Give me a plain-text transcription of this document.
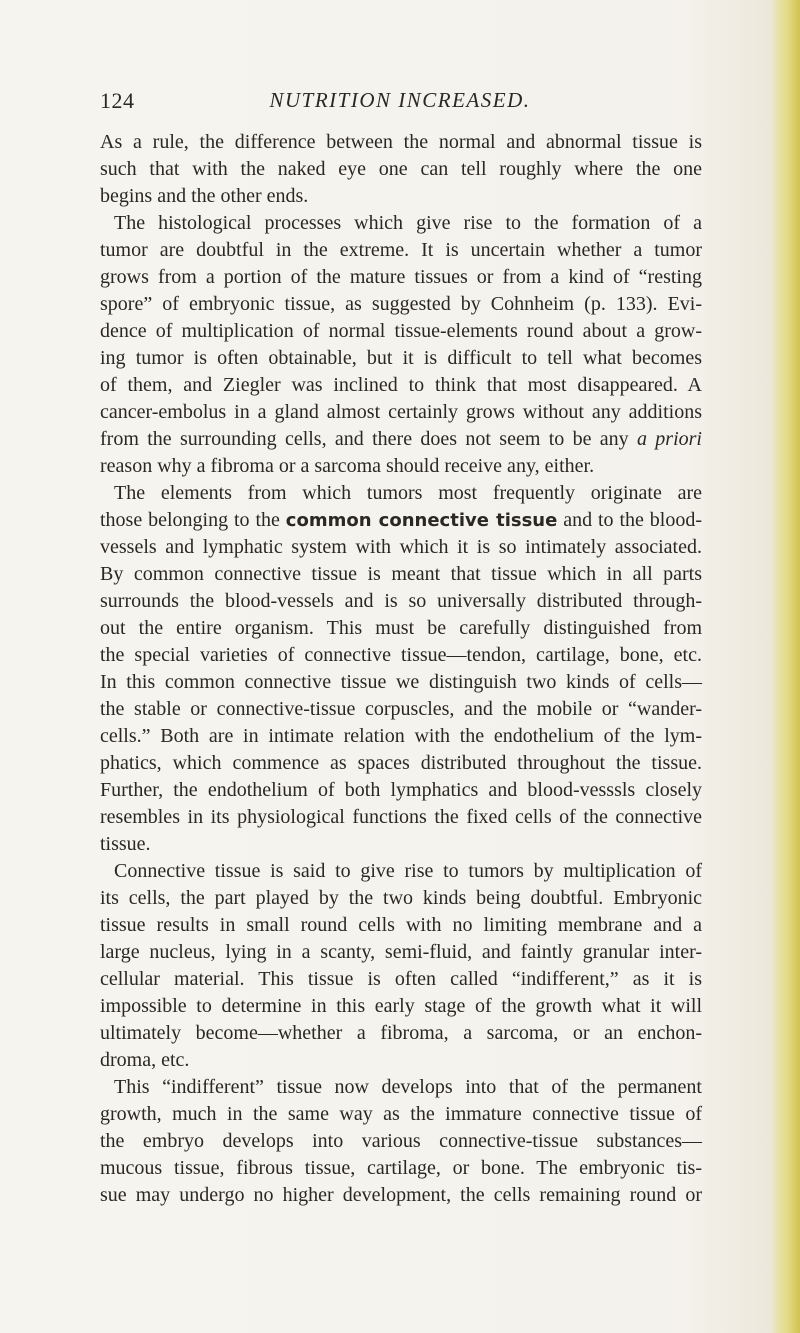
124	NUTRITION INCREASED.
As a rule, the difference between the normal and abnormal tissue is
such that with the naked eye one can tell roughly where the one
begins and the other ends.
The histological processes which give rise to the formation of a
tumor are doubtful in the extreme. It is uncertain whether a tumor
grows from a portion of the mature tissues or from a kind of “resting
spore” of embryonic tissue, as suggested by Cohnheim (p. 133). Evi-
dence of multiplication of normal tissue-elements round about a grow-
ing tumor is often obtainable, but it is difficult to tell what becomes
of them, and Ziegler was inclined to think that most disappeared. A
cancer-embolus in a gland almost certainly grows without any additions
from the surrounding cells, and there does not seem to be any a priori
reason why a fibroma or a sarcoma should receive any, either.
The elements from which tumors most frequently originate are
those belonging to the common connective tissue and to the blood-
vessels and lymphatic system with which it is so intimately associated.
By common connective tissue is meant that tissue which in all parts
surrounds the blood-vessels and is so universally distributed through-
out the entire organism. This must be carefully distinguished from
the special varieties of connective tissue—tendon, cartilage, bone, etc.
In this common connective tissue we distinguish two kinds of cells—
the stable or connective-tissue corpuscles, and the mobile or “wander-
cells.” Both are in intimate relation with the endothelium of the lym-
phatics, which commence as spaces distributed throughout the tissue.
Further, the endothelium of both lymphatics and blood-vesssls closely
resembles in its physiological functions the fixed cells of the connective
tissue.
Connective tissue is said to give rise to tumors by multiplication of
its cells, the part played by the two kinds being doubtful. Embryonic
tissue results in small round cells with no limiting membrane and a
large nucleus, lying in a scanty, semi-fluid, and faintly granular inter-
cellular material. This tissue is often called “indifferent,” as it is
impossible to determine in this early stage of the growth what it will
ultimately become—whether a fibroma, a sarcoma, or an enchon-
droma, etc.
This “indifferent” tissue now develops into that of the permanent
growth, much in the same way as the immature connective tissue of
the embryo develops into various connective-tissue substances—
mucous tissue, fibrous tissue, cartilage, or bone. The embryonic tis-
sue may undergo no higher development, the cells remaining round or
